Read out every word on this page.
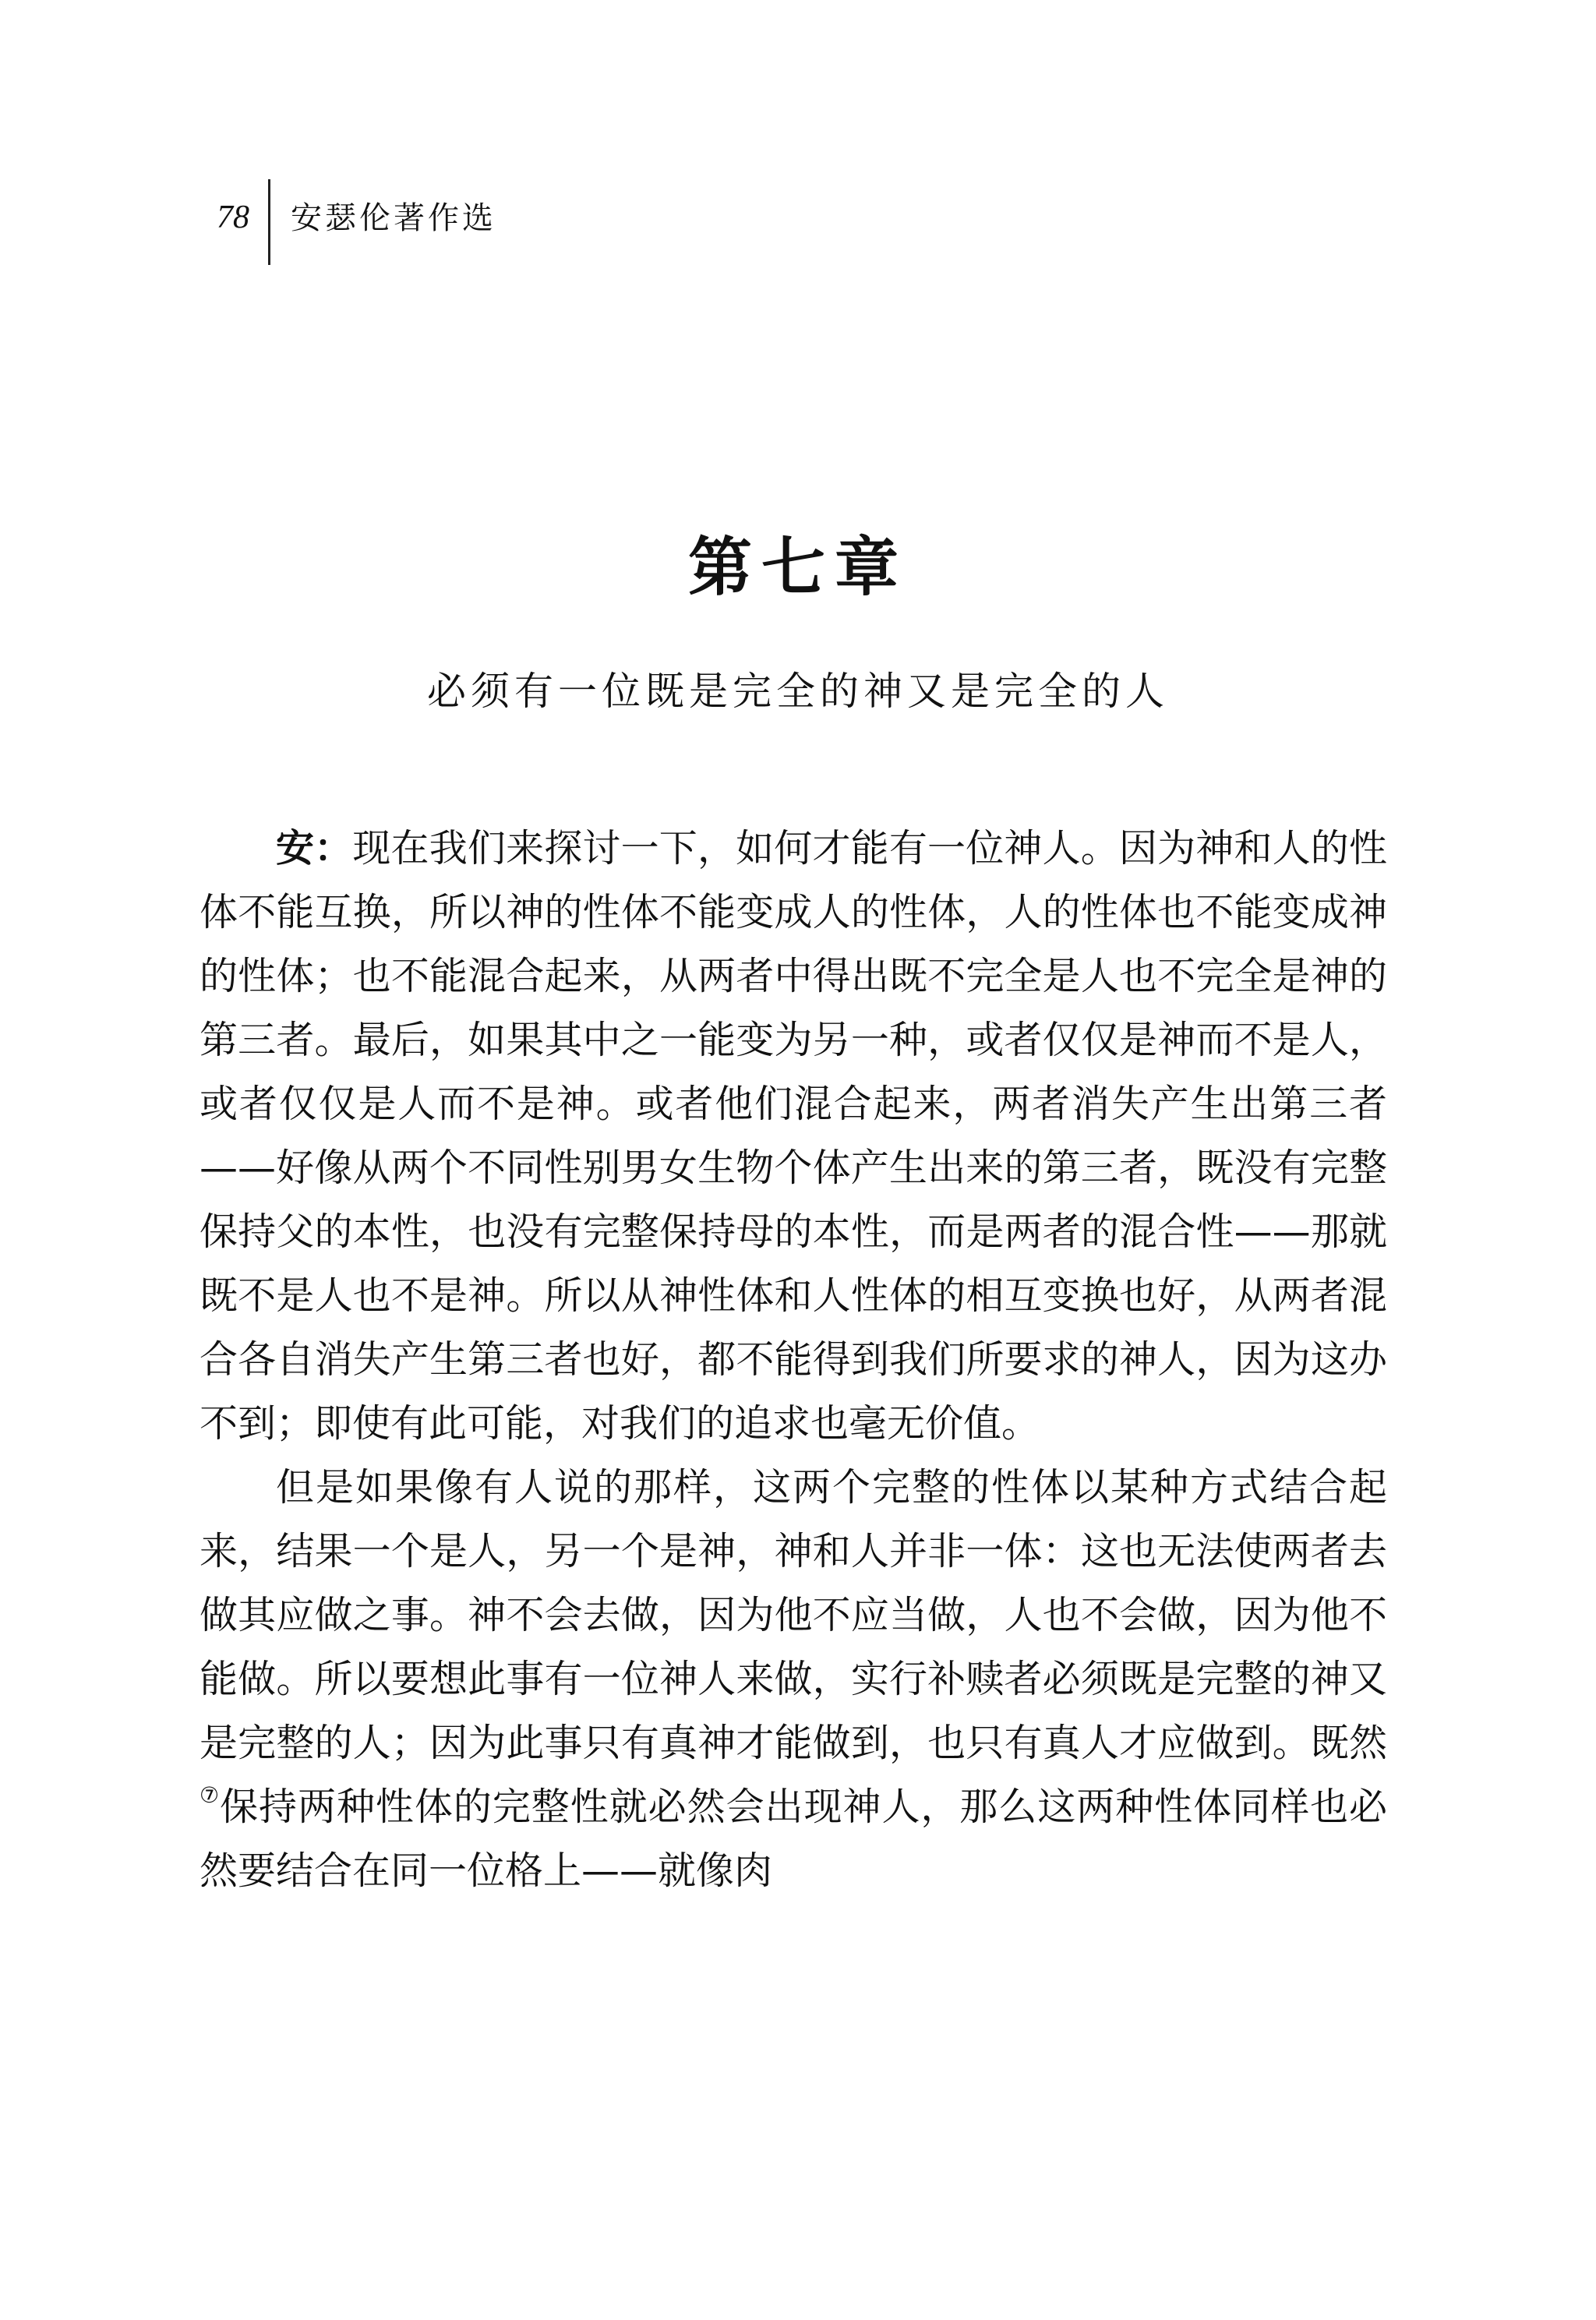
78 安瑟伦著作选
第七章
必须有一位既是完全的神又是完全的人

安：现在我们来探讨一下，如何才能有一位神人。因为神和人的性体不能互换，所以神的性体不能变成人的性体，人的性体也不能变成神的性体；也不能混合起来，从两者中得出既不完全是人也不完全是神的第三者。最后，如果其中之一能变为另一种，或者仅仅是神而不是人，或者仅仅是人而不是神。或者他们混合起来，两者消失产生出第三者——好像从两个不同性别男女生物个体产生出来的第三者，既没有完整保持父的本性，也没有完整保持母的本性，而是两者的混合性——那就既不是人也不是神。所以从神性体和人性体的相互变换也好，从两者混合各自消失产生第三者也好，都不能得到我们所要求的神人，因为这办不到；即使有此可能，对我们的追求也毫无价值。

但是如果像有人说的那样，这两个完整的性体以某种方式结合起来，结果一个是人，另一个是神，神和人并非一体：这也无法使两者去做其应做之事。神不会去做，因为他不应当做，人也不会做，因为他不能做。所以要想此事有一位神人来做，实行补赎者必须既是完整的神又是完整的人；因为此事只有真神才能做到，也只有真人才应做到。既然⑦保持两种性体的完整性就必然会出现神人，那么这两种性体同样也必然要结合在同一位格上——就像肉
